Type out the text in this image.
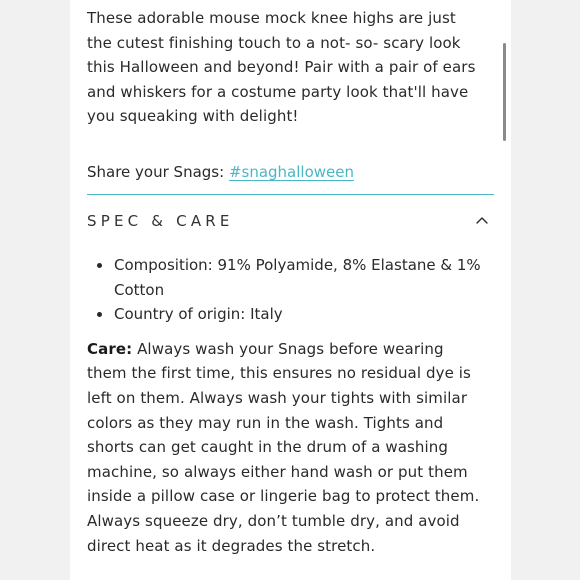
These adorable mouse mock knee highs are just the cutest finishing touch to a not- so- scary look this Halloween and beyond! Pair with a pair of ears and whiskers for a costume party look that'll have you squeaking with delight!

Share your Snags: #snaghalloween

SPEC & CARE
• Composition: 91% Polyamide, 8% Elastane & 1% Cotton
• Country of origin: Italy

Care: Always wash your Snags before wearing them the first time, this ensures no residual dye is left on them. Always wash your tights with similar colors as they may run in the wash. Tights and shorts can get caught in the drum of a washing machine, so always either hand wash or put them inside a pillow case or lingerie bag to protect them. Always squeeze dry, don’t tumble dry, and avoid direct heat as it degrades the stretch.
